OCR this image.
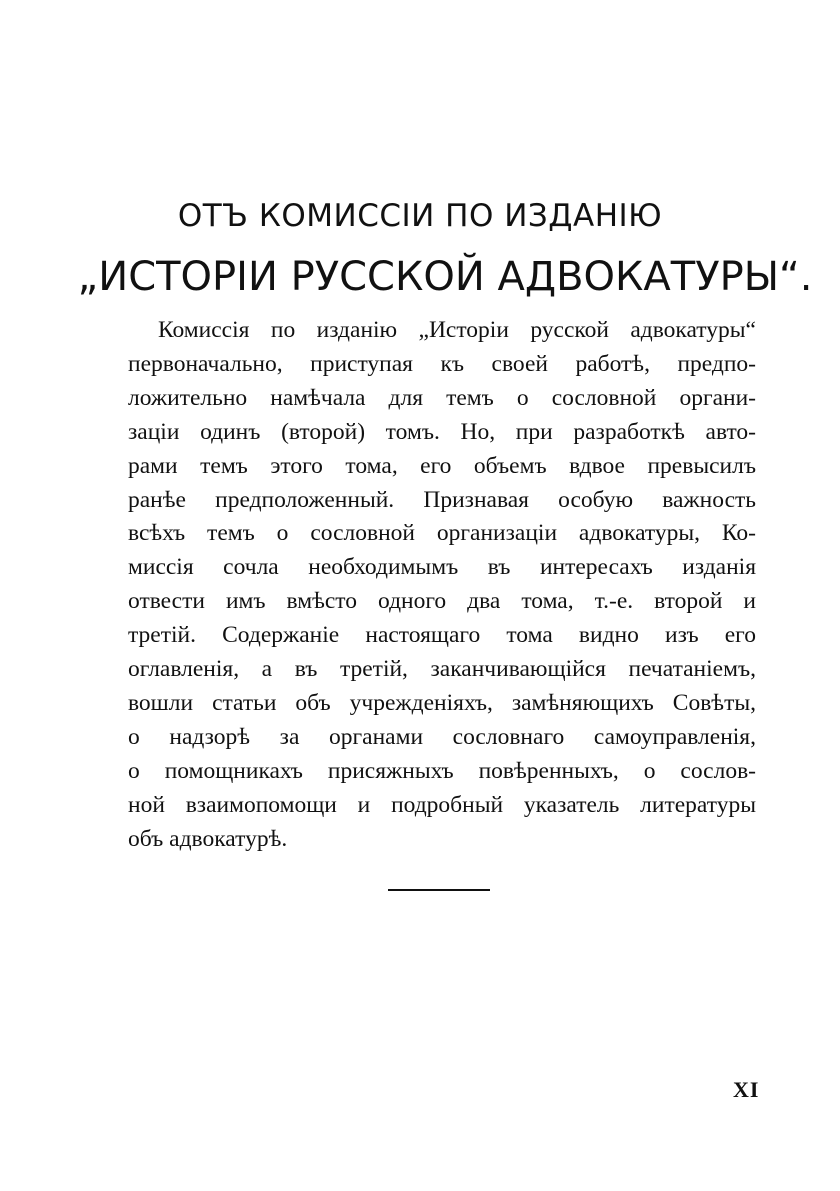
ОТЪ КОМИССІИ ПО ИЗДАНІЮ
„ИСТОРІИ РУССКОЙ АДВОКАТУРЫ“.
Комиссія по изданію „Исторіи русской адвокатуры“
первоначально, приступая къ своей работѣ, предпо-
ложительно намѣчала для темъ о сословной органи-
заціи одинъ (второй) томъ. Но, при разработкѣ авто-
рами темъ этого тома, его объемъ вдвое превысилъ
ранѣе предположенный. Признавая особую важность
всѣхъ темъ о сословной организаціи адвокатуры, Ко-
миссія сочла необходимымъ въ интересахъ изданія
отвести имъ вмѣсто одного два тома, т.-е. второй и
третій. Содержаніе настоящаго тома видно изъ его
оглавленія, а въ третій, заканчивающійся печатаніемъ,
вошли статьи объ учрежденіяхъ, замѣняющихъ Совѣты,
о надзорѣ за органами сословнаго самоуправленія,
о помощникахъ присяжныхъ повѣренныхъ, о сослов-
ной взаимопомощи и подробный указатель литературы
объ адвокатурѣ.
XI
